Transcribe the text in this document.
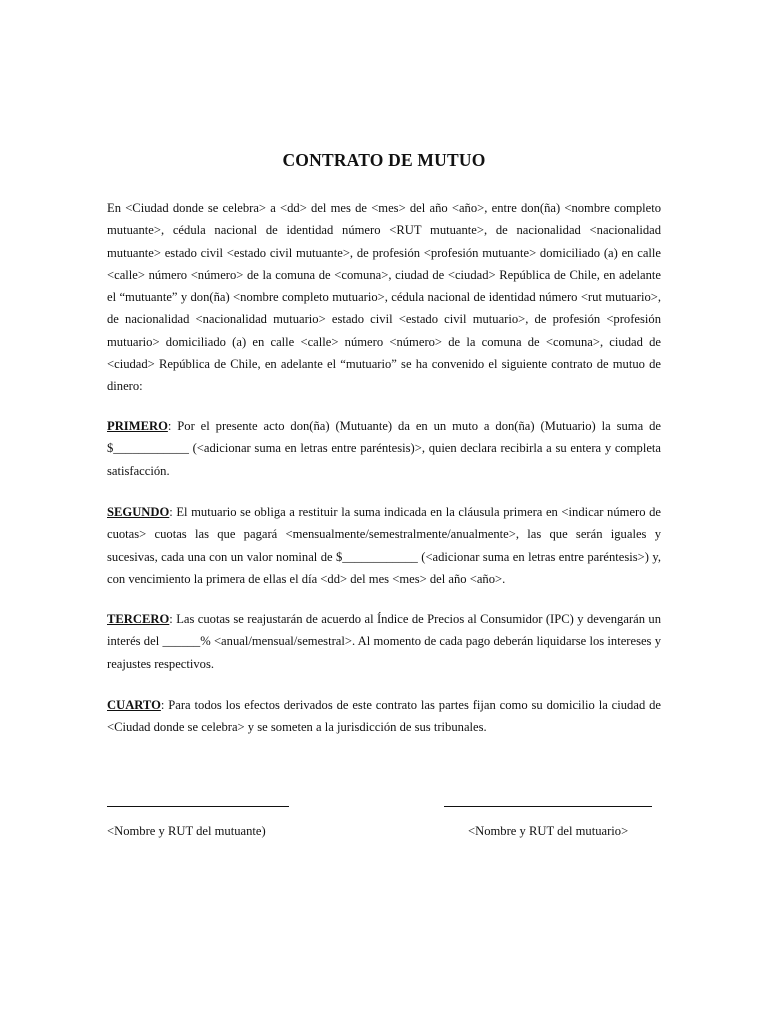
CONTRATO DE MUTUO

En <Ciudad donde se celebra> a <dd> del mes de <mes> del año <año>, entre don(ña) <nombre completo mutuante>, cédula nacional de identidad número <RUT mutuante>, de nacionalidad <nacionalidad mutuante> estado civil <estado civil mutuante>, de profesión <profesión mutuante> domiciliado (a) en calle <calle> número <número> de la comuna de <comuna>, ciudad de <ciudad> República de Chile, en adelante el “mutuante” y don(ña) <nombre completo mutuario>, cédula nacional de identidad número <rut mutuario>, de nacionalidad <nacionalidad mutuario> estado civil <estado civil mutuario>, de profesión <profesión mutuario> domiciliado (a) en calle <calle> número <número> de la comuna de <comuna>, ciudad de <ciudad> República de Chile, en adelante el “mutuario” se ha convenido el siguiente contrato de mutuo de dinero:

PRIMERO: Por el presente acto don(ña) (Mutuante) da en un muto a don(ña) (Mutuario) la suma de $____________ (<adicionar suma en letras entre paréntesis)>, quien declara recibirla a su entera y completa satisfacción.

SEGUNDO: El mutuario se obliga a restituir la suma indicada en la cláusula primera en <indicar número de cuotas> cuotas las que pagará <mensualmente/semestralmente/anualmente>, las que serán iguales y sucesivas, cada una con un valor nominal de $____________ (<adicionar suma en letras entre paréntesis>) y, con vencimiento la primera de ellas el día <dd> del mes <mes> del año <año>.

TERCERO: Las cuotas se reajustarán de acuerdo al Índice de Precios al Consumidor (IPC) y devengarán un interés del ______% <anual/mensual/semestral>. Al momento de cada pago deberán liquidarse los intereses y reajustes respectivos.

CUARTO: Para todos los efectos derivados de este contrato las partes fijan como su domicilio la ciudad de <Ciudad donde se celebra> y se someten a la jurisdicción de sus tribunales.

<Nombre y RUT del mutuante)	<Nombre y RUT del mutuario>
